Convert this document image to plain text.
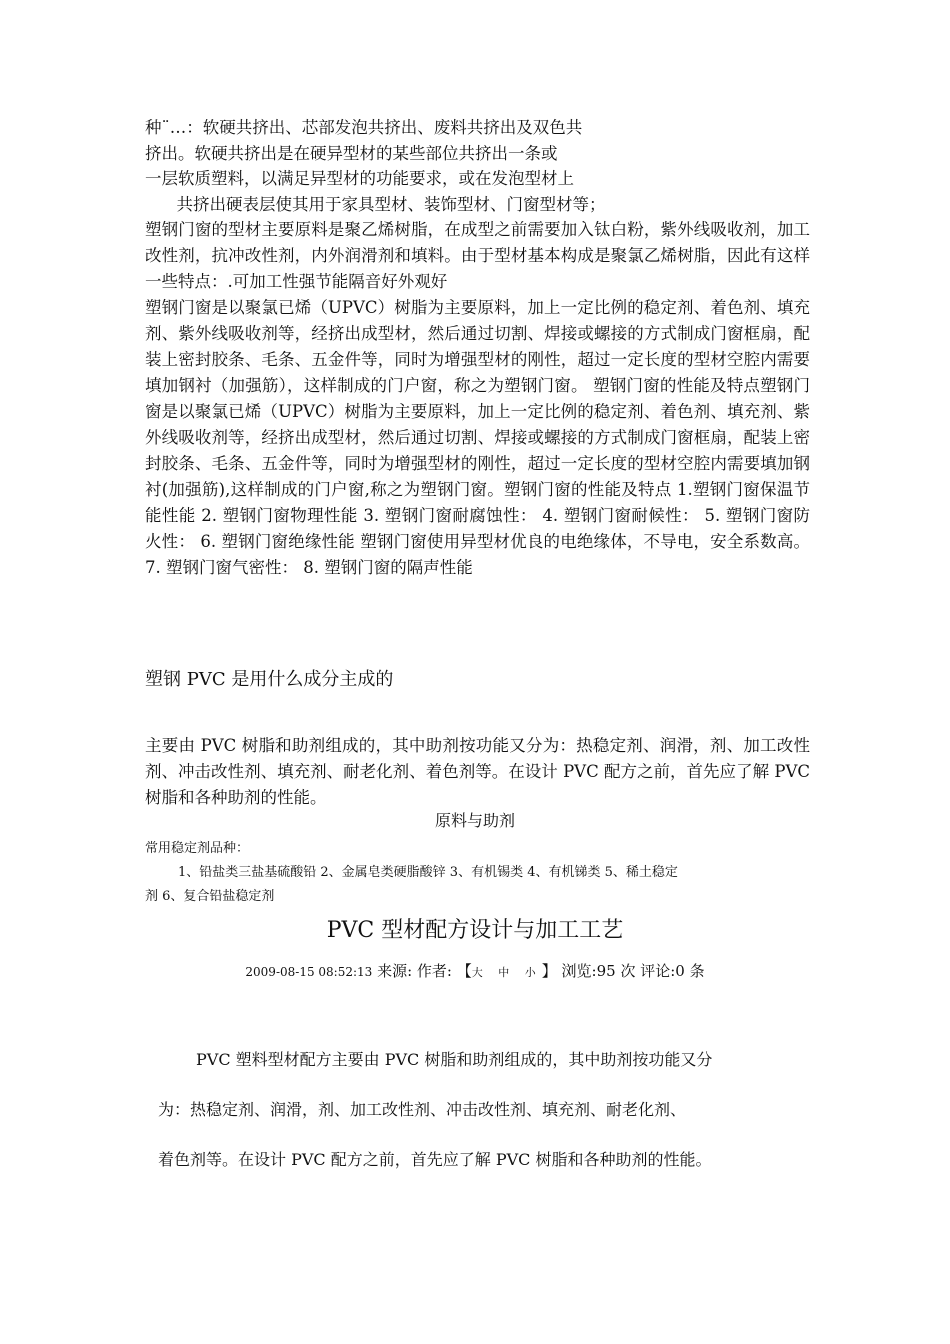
种¨…：软硬共挤出、芯部发泡共挤出、废料共挤出及双色共
挤出。软硬共挤出是在硬异型材的某些部位共挤出一条或
一层软质塑料，以满足异型材的功能要求，或在发泡型材上
共挤出硬表层使其用于家具型材、装饰型材、门窗型材等；
塑钢门窗的型材主要原料是聚乙烯树脂，在成型之前需要加入钛白粉，紫外线吸收剂，加工改性剂，抗冲改性剂，内外润滑剂和填料。由于型材基本构成是聚氯乙烯树脂，因此有这样一些特点：.可加工性强节能隔音好外观好
塑钢门窗是以聚氯已烯（UPVC）树脂为主要原料，加上一定比例的稳定剂、着色剂、填充剂、紫外线吸收剂等，经挤出成型材，然后通过切割、焊接或螺接的方式制成门窗框扇，配装上密封胶条、毛条、五金件等，同时为增强型材的刚性，超过一定长度的型材空腔内需要填加钢衬（加强筋），这样制成的门户窗，称之为塑钢门窗。 塑钢门窗的性能及特点塑钢门窗是以聚氯已烯（UPVC）树脂为主要原料，加上一定比例的稳定剂、着色剂、填充剂、紫外线吸收剂等，经挤出成型材，然后通过切割、焊接或螺接的方式制成门窗框扇，配装上密封胶条、毛条、五金件等，同时为增强型材的刚性，超过一定长度的型材空腔内需要填加钢衬(加强筋),这样制成的门户窗,称之为塑钢门窗。塑钢门窗的性能及特点 1.塑钢门窗保温节能性能 2. 塑钢门窗物理性能 3. 塑钢门窗耐腐蚀性： 4. 塑钢门窗耐候性： 5. 塑钢门窗防火性： 6. 塑钢门窗绝缘性能 塑钢门窗使用异型材优良的电绝缘体，不导电，安全系数高。7. 塑钢门窗气密性： 8. 塑钢门窗的隔声性能
塑钢 PVC 是用什么成分主成的
主要由 PVC 树脂和助剂组成的，其中助剂按功能又分为：热稳定剂、润滑，剂、加工改性剂、冲击改性剂、填充剂、耐老化剂、着色剂等。在设计 PVC 配方之前，首先应了解 PVC 树脂和各种助剂的性能。
原料与助剂
常用稳定剂品种：
1、铅盐类三盐基硫酸铅 2、金属皂类硬脂酸锌 3、有机锡类 4、有机锑类 5、稀土稳定
剂 6、复合铅盐稳定剂
PVC 型材配方设计与加工工艺
2009-08-15 08:52:13 来源: 作者: 【大 中 小】 浏览:95 次 评论:0 条
PVC 塑料型材配方主要由 PVC 树脂和助剂组成的，其中助剂按功能又分
为：热稳定剂、润滑，剂、加工改性剂、冲击改性剂、填充剂、耐老化剂、
着色剂等。在设计 PVC 配方之前，首先应了解 PVC 树脂和各种助剂的性能。
